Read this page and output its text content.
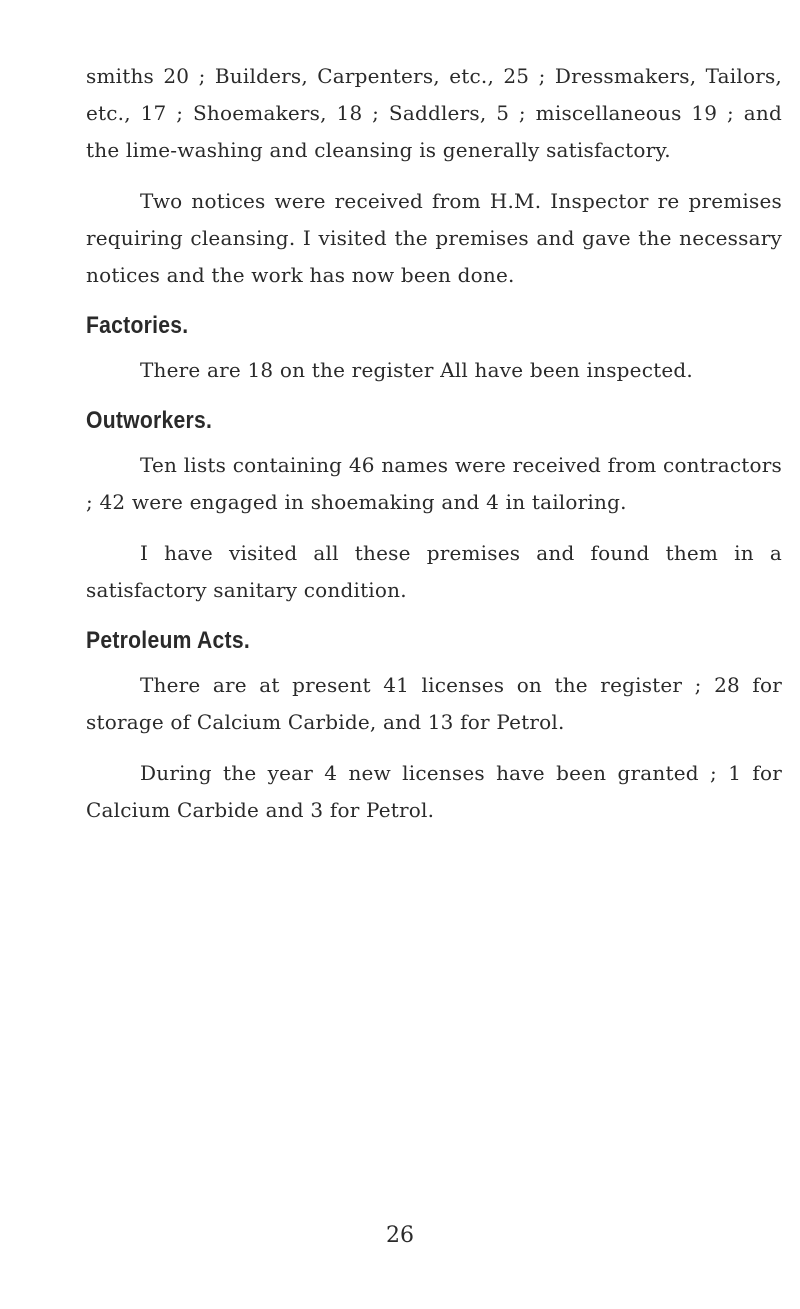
smiths 20 ; Builders, Carpenters, etc., 25 ; Dressmakers, Tailors, etc., 17 ; Shoemakers, 18 ; Saddlers, 5 ; miscellaneous 19 ; and the lime-washing and cleansing is generally satisfactory.

Two notices were received from H.M. Inspector re premises requiring cleansing. I visited the premises and gave the necessary notices and the work has now been done.

Factories.

There are 18 on the register All have been inspected.

Outworkers.

Ten lists containing 46 names were received from contractors ; 42 were engaged in shoemaking and 4 in tailoring.

I have visited all these premises and found them in a satisfactory sanitary condition.

Petroleum Acts.

There are at present 41 licenses on the register ; 28 for storage of Calcium Carbide, and 13 for Petrol.

During the year 4 new licenses have been granted ; 1 for Calcium Carbide and 3 for Petrol.

26
